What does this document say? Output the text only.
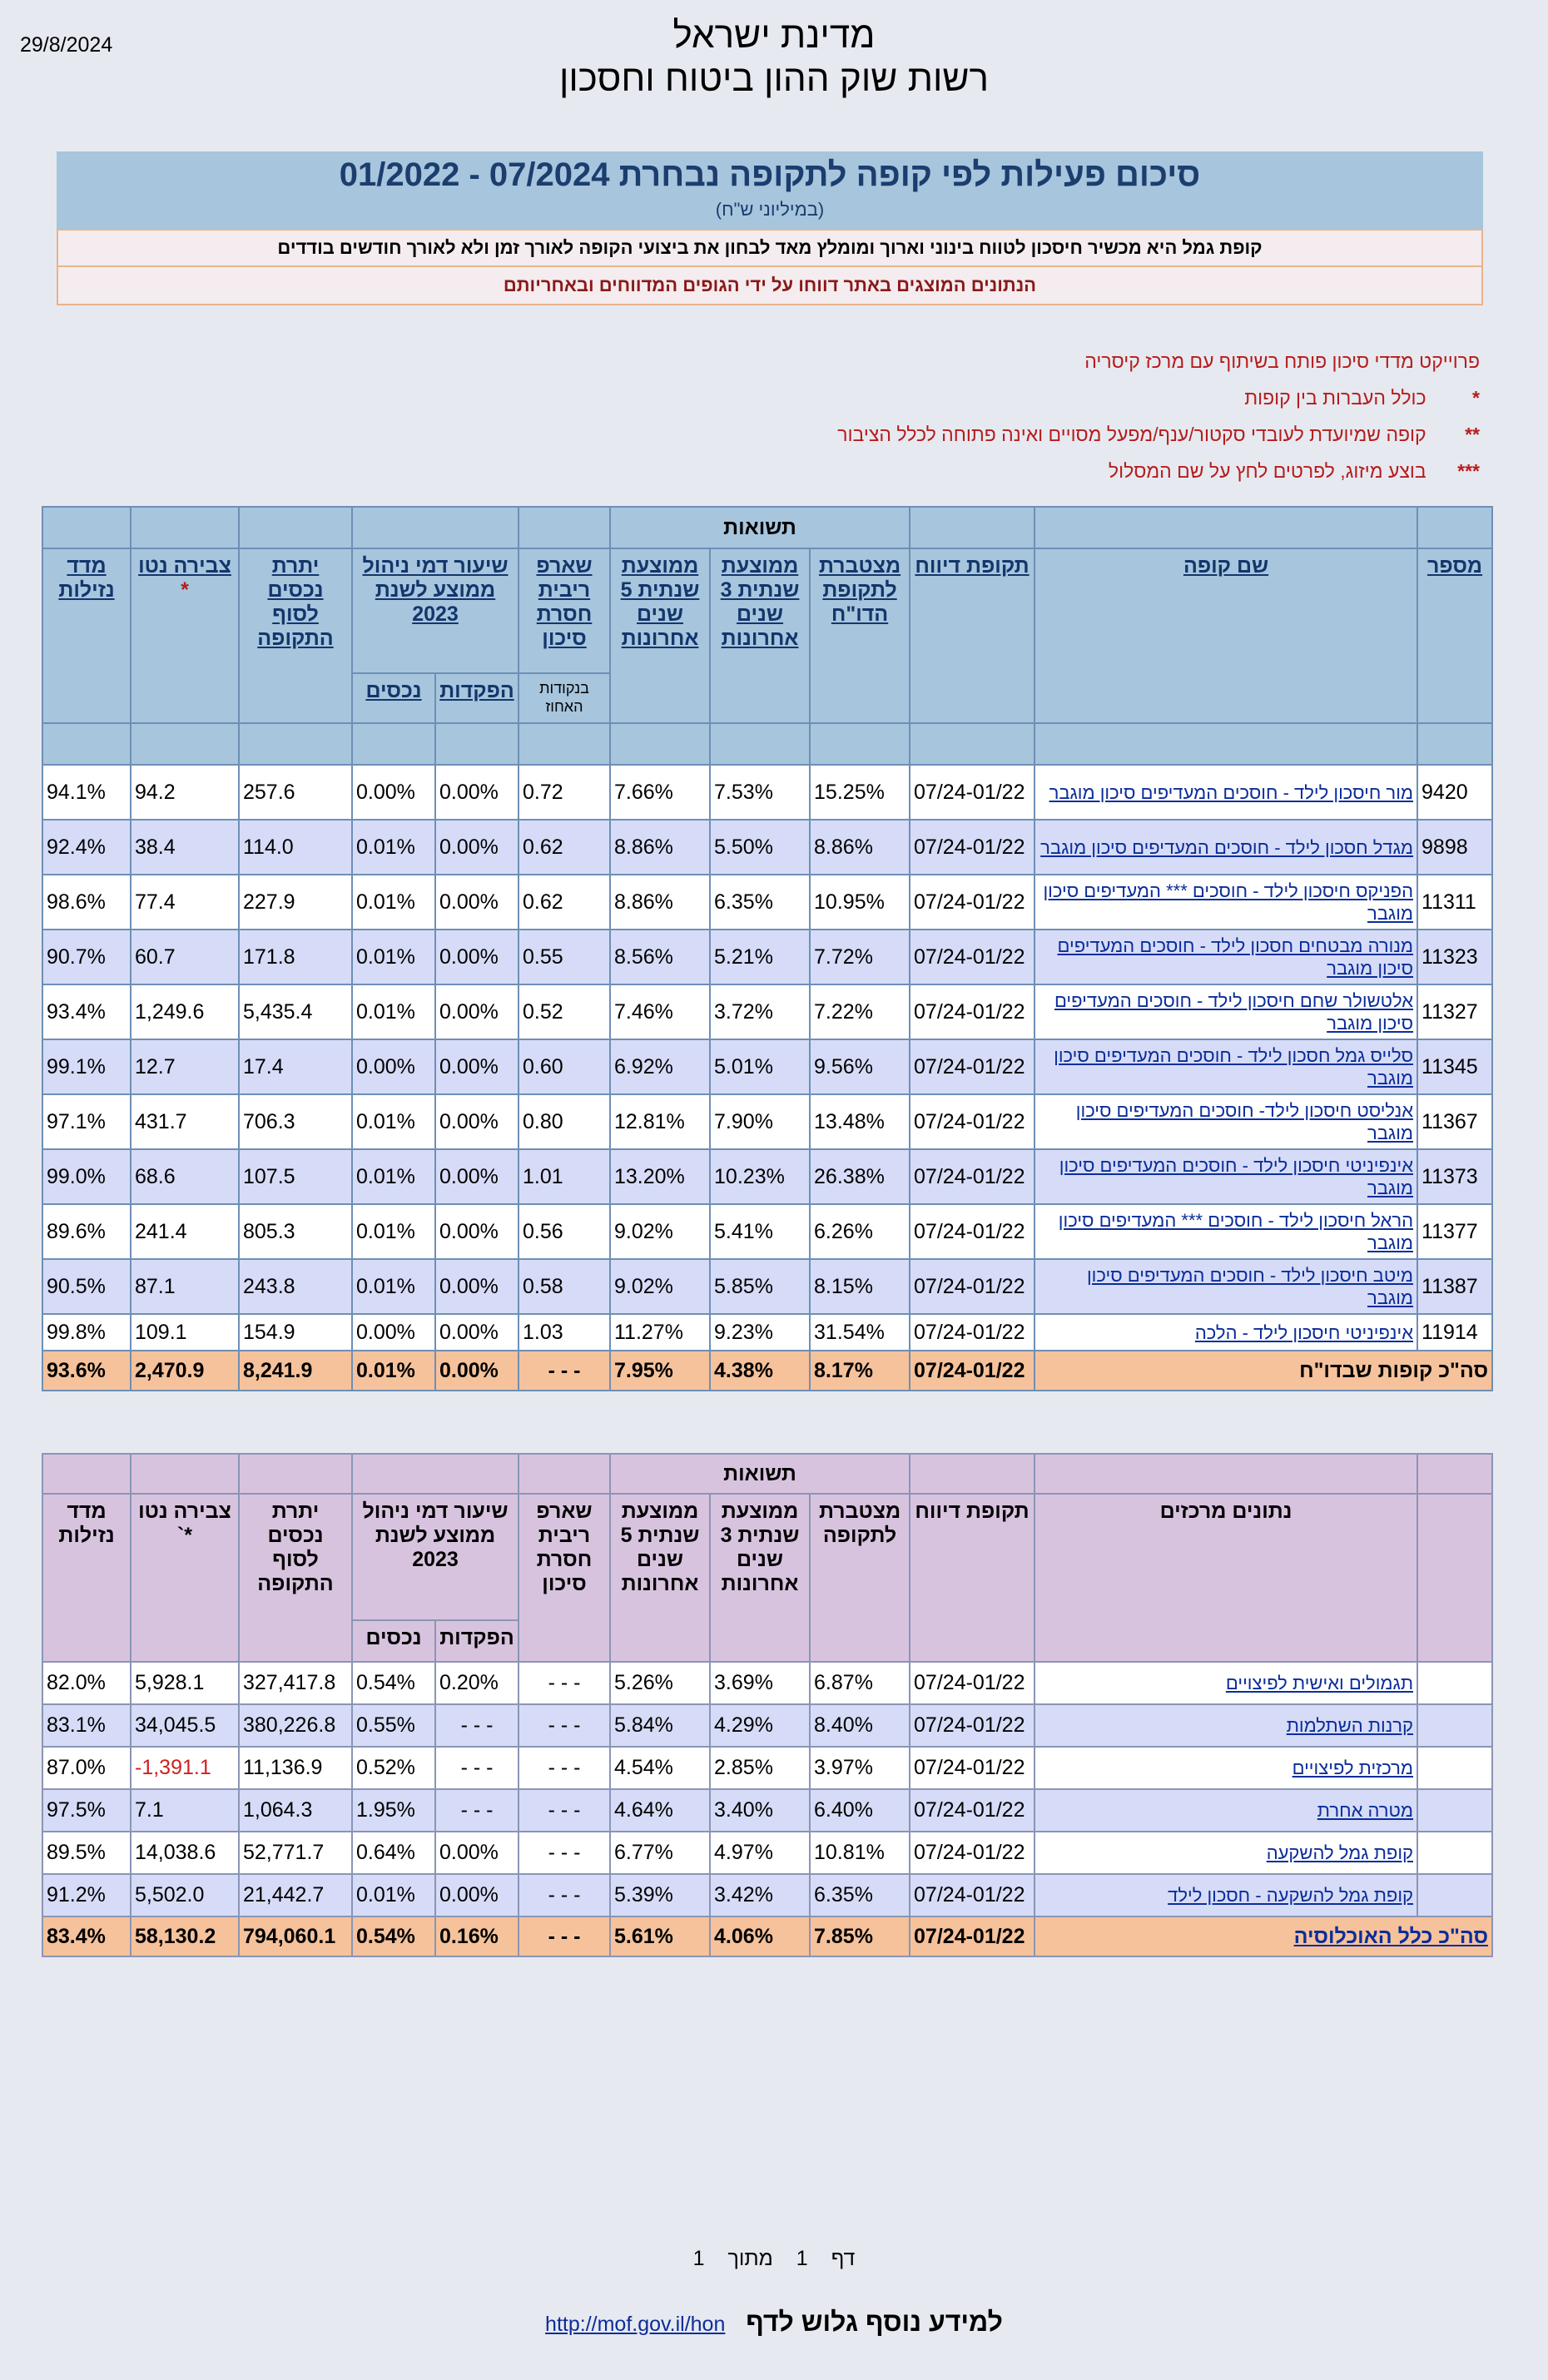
29/8/2024	מדינת ישראל
רשות שוק ההון ביטוח וחסכון
סיכום פעילות לפי קופה לתקופה נבחרת 01/2022 - 07/2024
(במיליוני ש"ח)
קופת גמל היא מכשיר חיסכון לטווח בינוני וארוך ומומלץ מאד לבחון את ביצועי הקופה לאורך זמן ולא לאורך חודשים בודדים
הנתונים המוצגים באתר דווחו על ידי הגופים המדווחים ובאחריותם
פרוייקט מדדי סיכון פותח בשיתוף עם מרכז קיסריה
* כולל העברות בין קופות
** קופה שמיועדת לעובדי סקטור/ענף/מפעל מסויים ואינה פתוחה לכלל הציבור
*** בוצע מיזוג, לפרטים לחץ על שם המסלול
			תשואות								
מספר	שם קופה	תקופת דיווח	מצטברת לתקופת הדו"ח	ממוצעת שנתית 3 שנים אחרונות	ממוצעת שנתית 5 שנים אחרונות	שארפ ריבית חסרת סיכון	שיעור דמי ניהול ממוצע לשנת 2023		יתרת נכסים לסוף התקופה	צבירה נטו
*	מדד נזילות
						בנקודות האחוז	הפקדות	נכסים			

9420	מור חיסכון לילד - חוסכים המעדיפים סיכון מוגבר	07/24-01/22	15.25%	7.53%	7.66%	0.72	0.00%	0.00%	257.6	94.2	94.1%
9898	מגדל חסכון לילד - חוסכים המעדיפים סיכון מוגבר	07/24-01/22	8.86%	5.50%	8.86%	0.62	0.00%	0.01%	114.0	38.4	92.4%
11311	הפניקס חיסכון לילד - חוסכים *** המעדיפים סיכון מוגבר	07/24-01/22	10.95%	6.35%	8.86%	0.62	0.00%	0.01%	227.9	77.4	98.6%
11323	מנורה מבטחים חסכון לילד - חוסכים המעדיפים סיכון מוגבר	07/24-01/22	7.72%	5.21%	8.56%	0.55	0.00%	0.01%	171.8	60.7	90.7%
11327	אלטשולר שחם חיסכון לילד - חוסכים המעדיפים סיכון מוגבר	07/24-01/22	7.22%	3.72%	7.46%	0.52	0.00%	0.01%	5,435.4	1,249.6	93.4%
11345	סלייס גמל חסכון לילד - חוסכים המעדיפים סיכון מוגבר	07/24-01/22	9.56%	5.01%	6.92%	0.60	0.00%	0.00%	17.4	12.7	99.1%
11367	אנליסט חיסכון לילד- חוסכים המעדיפים סיכון מוגבר	07/24-01/22	13.48%	7.90%	12.81%	0.80	0.00%	0.01%	706.3	431.7	97.1%
11373	אינפיניטי חיסכון לילד - חוסכים המעדיפים סיכון מוגבר	07/24-01/22	26.38%	10.23%	13.20%	1.01	0.00%	0.01%	107.5	68.6	99.0%
11377	הראל חיסכון לילד - חוסכים *** המעדיפים סיכון מוגבר	07/24-01/22	6.26%	5.41%	9.02%	0.56	0.00%	0.01%	805.3	241.4	89.6%
11387	מיטב חיסכון לילד - חוסכים המעדיפים סיכון מוגבר	07/24-01/22	8.15%	5.85%	9.02%	0.58	0.00%	0.01%	243.8	87.1	90.5%
11914	אינפיניטי חיסכון לילד - הלכה	07/24-01/22	31.54%	9.23%	11.27%	1.03	0.00%	0.00%	154.9	109.1	99.8%
סה"כ קופות שבדו"ח		07/24-01/22	8.17%	4.38%	7.95%	- - -	0.00%	0.01%	8,241.9	2,470.9	93.6%
			תשואות								
	נתונים מרכזים	תקופת דיווח	מצטברת לתקופה	ממוצעת שנתית 3 שנים אחרונות	ממוצעת שנתית 5 שנים אחרונות	שארפ ריבית חסרת סיכון	שיעור דמי ניהול ממוצע לשנת 2023		יתרת נכסים לסוף התקופה	צבירה נטו
*`	מדד נזילות
							הפקדות	נכסים			
	תגמולים ואישית לפיצויים	07/24-01/22	6.87%	3.69%	5.26%	- - -	0.20%	0.54%	327,417.8	5,928.1	82.0%
	קרנות השתלמות	07/24-01/22	8.40%	4.29%	5.84%	- - -	- - -	0.55%	380,226.8	34,045.5	83.1%
	מרכזית לפיצויים	07/24-01/22	3.97%	2.85%	4.54%	- - -	- - -	0.52%	11,136.9	-1,391.1	87.0%
	מטרה אחרת	07/24-01/22	6.40%	3.40%	4.64%	- - -	- - -	1.95%	1,064.3	7.1	97.5%
	קופת גמל להשקעה	07/24-01/22	10.81%	4.97%	6.77%	- - -	0.00%	0.64%	52,771.7	14,038.6	89.5%
	קופת גמל להשקעה - חסכון לילד	07/24-01/22	6.35%	3.42%	5.39%	- - -	0.00%	0.01%	21,442.7	5,502.0	91.2%
סה"כ כלל האוכלוסיה		07/24-01/22	7.85%	4.06%	5.61%	- - -	0.16%	0.54%	794,060.1	58,130.2	83.4%
דף1מתוך1
למידע נוסף גלוש לדף http://mof.gov.il/hon
